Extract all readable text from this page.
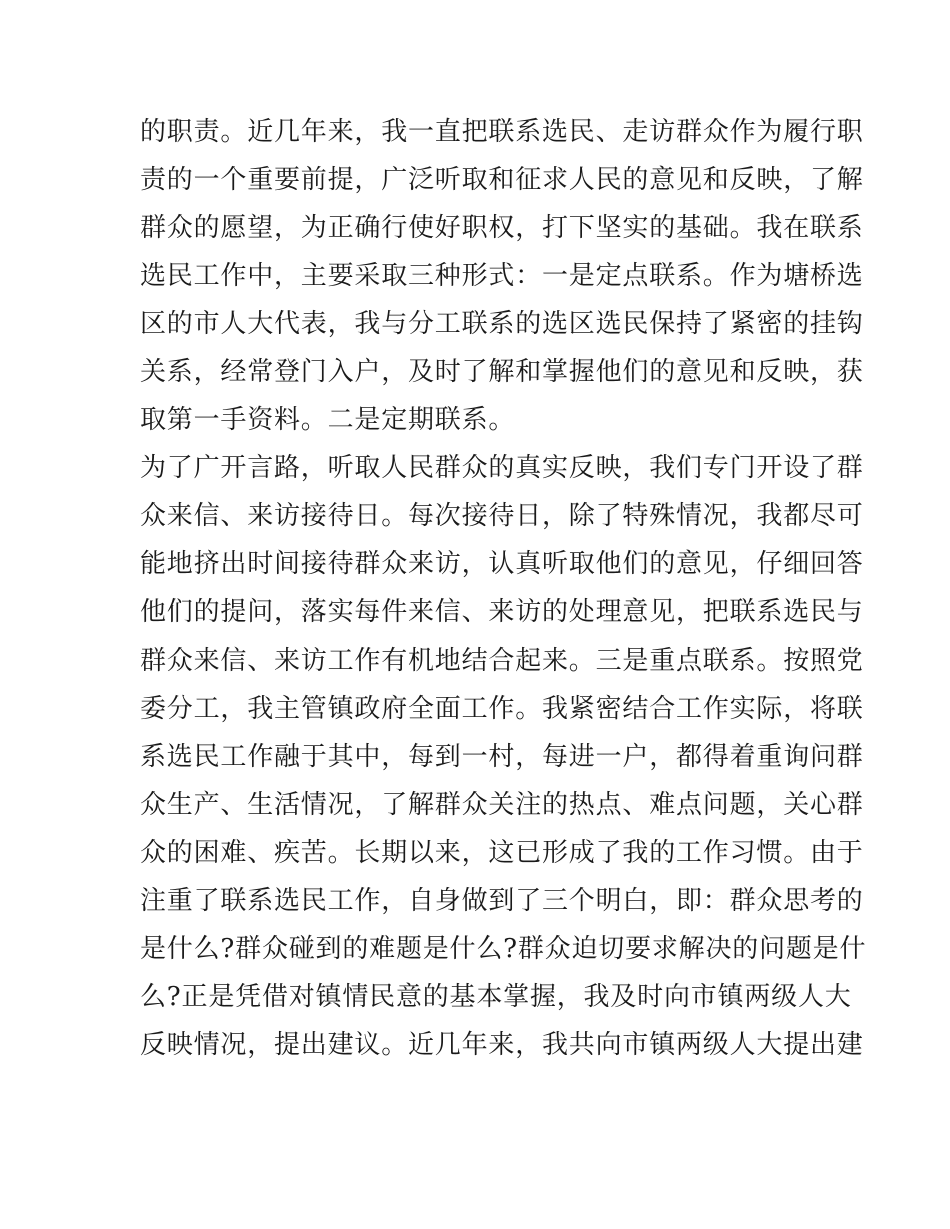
的职责。近几年来，我一直把联系选民、走访群众作为履行职
责的一个重要前提，广泛听取和征求人民的意见和反映，了解
群众的愿望，为正确行使好职权，打下坚实的基础。我在联系
选民工作中，主要采取三种形式：一是定点联系。作为塘桥选
区的市人大代表，我与分工联系的选区选民保持了紧密的挂钩
关系，经常登门入户，及时了解和掌握他们的意见和反映，获
取第一手资料。二是定期联系。
为了广开言路，听取人民群众的真实反映，我们专门开设了群
众来信、来访接待日。每次接待日，除了特殊情况，我都尽可
能地挤出时间接待群众来访，认真听取他们的意见，仔细回答
他们的提问，落实每件来信、来访的处理意见，把联系选民与
群众来信、来访工作有机地结合起来。三是重点联系。按照党
委分工，我主管镇政府全面工作。我紧密结合工作实际，将联
系选民工作融于其中，每到一村，每进一户，都得着重询问群
众生产、生活情况，了解群众关注的热点、难点问题，关心群
众的困难、疾苦。长期以来，这已形成了我的工作习惯。由于
注重了联系选民工作，自身做到了三个明白，即：群众思考的
是什么?群众碰到的难题是什么?群众迫切要求解决的问题是什
么?正是凭借对镇情民意的基本掌握，我及时向市镇两级人大
反映情况，提出建议。近几年来，我共向市镇两级人大提出建
